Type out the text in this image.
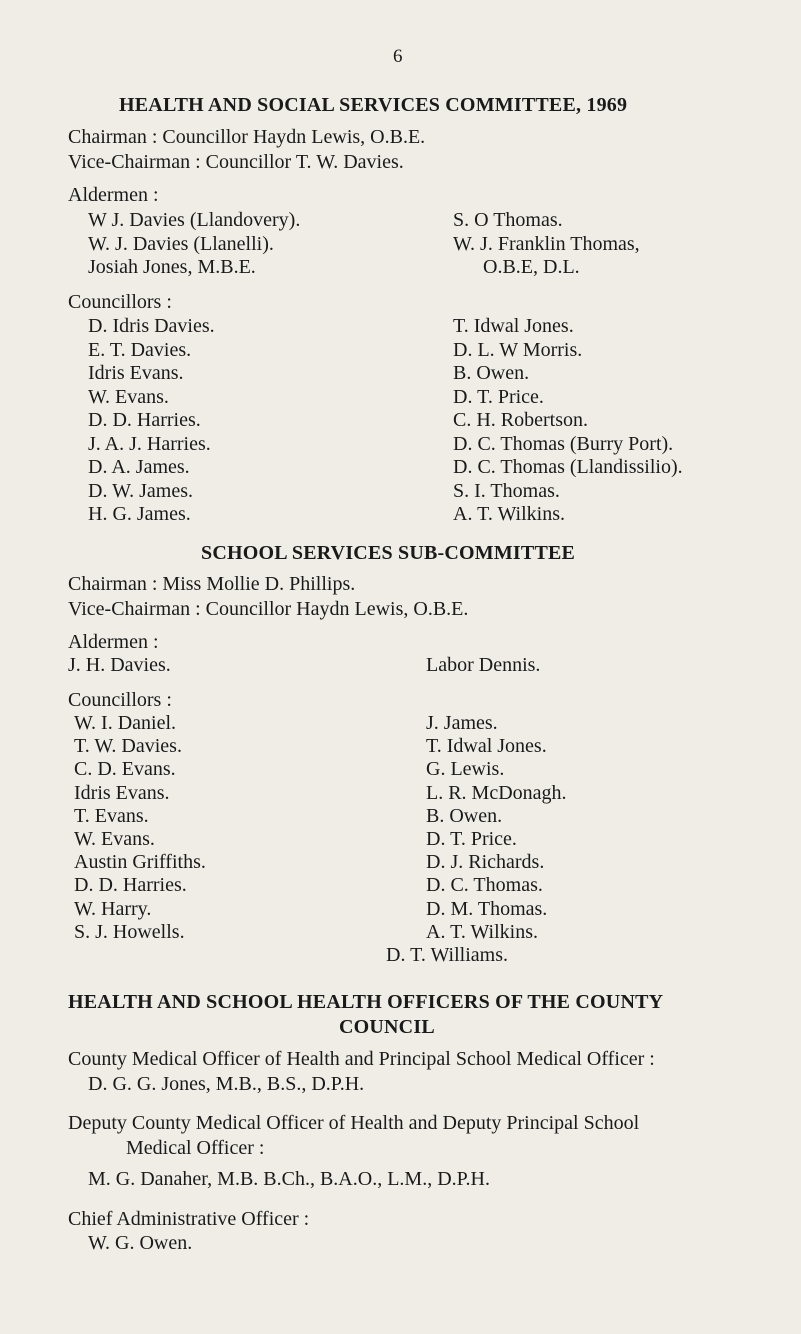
6
HEALTH AND SOCIAL SERVICES COMMITTEE, 1969
Chairman : Councillor Haydn Lewis, O.B.E.
Vice-Chairman : Councillor T. W. Davies.
Aldermen :
W J. Davies (Llandovery).
W. J. Davies (Llanelli).
Josiah Jones, M.B.E.
S. O Thomas.
W. J. Franklin Thomas,
O.B.E, D.L.
Councillors :
D. Idris Davies.
E. T. Davies.
Idris Evans.
W. Evans.
D. D. Harries.
J. A. J. Harries.
D. A. James.
D. W. James.
H. G. James.
T. Idwal Jones.
D. L. W Morris.
B. Owen.
D. T. Price.
C. H. Robertson.
D. C. Thomas (Burry Port).
D. C. Thomas (Llandissilio).
S. I. Thomas.
A. T. Wilkins.
SCHOOL SERVICES SUB-COMMITTEE
Chairman : Miss Mollie D. Phillips.
Vice-Chairman : Councillor Haydn Lewis, O.B.E.
Aldermen :
J. H. Davies.	Labor Dennis.
Councillors :
W. I. Daniel.
T. W. Davies.
C. D. Evans.
Idris Evans.
T. Evans.
W. Evans.
Austin Griffiths.
D. D. Harries.
W. Harry.
S. J. Howells.
J. James.
T. Idwal Jones.
G. Lewis.
L. R. McDonagh.
B. Owen.
D. T. Price.
D. J. Richards.
D. C. Thomas.
D. M. Thomas.
A. T. Wilkins.
D. T. Williams.
HEALTH AND SCHOOL HEALTH OFFICERS OF THE COUNTY
COUNCIL
County Medical Officer of Health and Principal School Medical Officer :
D. G. G. Jones, M.B., B.S., D.P.H.
Deputy County Medical Officer of Health and Deputy Principal School
Medical Officer :
M. G. Danaher, M.B. B.Ch., B.A.O., L.M., D.P.H.
Chief Administrative Officer :
W. G. Owen.
